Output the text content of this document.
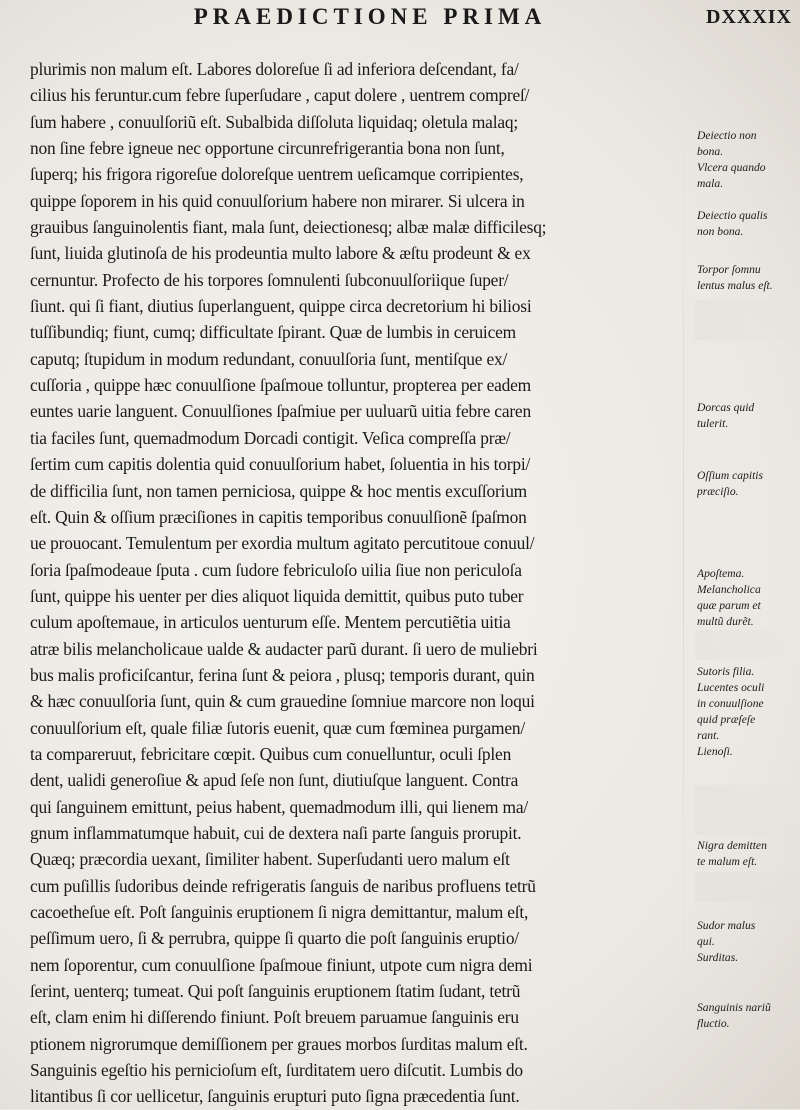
PRAEDICTIONE PRIMA	DXXXIX
plurimis non malum eſt. Labores doloreſue ſi ad inferiora deſcendant, fa/
cilius his feruntur.cum febre ſuperſudare , caput dolere , uentrem compreſ/
ſum habere , conuulſoriũ eſt. Subalbida diſſoluta liquidaq; oletula malaq;
non ſine febre igneue nec opportune circunrefrigerantia bona non ſunt,
ſuperq; his frigora rigoreſue doloreſque uentrem ueſicamque corripientes,
quippe ſoporem in his quid conuulſorium habere non mirarer. Si ulcera in
grauibus ſanguinolentis fiant, mala ſunt, deiectionesq; albæ malæ difficilesq;
ſunt, liuida glutinoſa de his prodeuntia multo labore & æſtu prodeunt & ex
cernuntur. Profecto de his torpores ſomnulenti ſubconuulſoriique ſuper/
ſiunt. qui ſi fiant, diutius ſuperlanguent, quippe circa decretorium hi biliosi
tuſſibundiq; fiunt, cumq; difficultate ſpirant. Quæ de lumbis in ceruicem
caputq; ſtupidum in modum redundant, conuulſoria ſunt, mentiſque ex/
cuſſoria , quippe hæc conuulſione ſpaſmoue tolluntur, propterea per eadem
euntes uarie languent. Conuulſiones ſpaſmiue per uuluarũ uitia febre caren
tia faciles ſunt, quemadmodum Dorcadi contigit. Veſica compreſſa præ/
ſertim cum capitis dolentia quid conuulſorium habet, ſoluentia in his torpi/
de difficilia ſunt, non tamen perniciosa, quippe & hoc mentis excuſſorium
eſt. Quin & oſſium præciſiones in capitis temporibus conuulſionẽ ſpaſmon
ue prouocant. Temulentum per exordia multum agitato percutitoue conuul/
ſoria ſpaſmodeaue ſputa . cum ſudore febriculoſo uilia ſiue non periculoſa
ſunt, quippe his uenter per dies aliquot liquida demittit, quibus puto tuber
culum apoſtemaue, in articulos uenturum eſſe. Mentem percutiẽtia uitia
atræ bilis melancholicaue ualde & audacter parũ durant. ſi uero de muliebri
bus malis proficiſcantur, ferina ſunt & peiora , plusq; temporis durant, quin
& hæc conuulſoria ſunt, quin & cum grauedine ſomniue marcore non loqui
conuulſorium eſt, quale filiæ ſutoris euenit, quæ cum fœminea purgamen/
ta compareruut, febricitare cœpit. Quibus cum conuelluntur, oculi ſplen
dent, ualidi generoſiue & apud ſeſe non ſunt, diutiuſque languent. Contra
qui ſanguinem emittunt, peius habent, quemadmodum illi, qui lienem ma/
gnum inflammatumque habuit, cui de dextera naſi parte ſanguis prorupit.
Quæq; præcordia uexant, ſimiliter habent. Superſudanti uero malum eſt
cum puſillis ſudoribus deinde refrigeratis ſanguis de naribus profluens tetrũ
cacoetheſue eſt. Poſt ſanguinis eruptionem ſi nigra demittantur, malum eſt,
peſſimum uero, ſi & perrubra, quippe ſi quarto die poſt ſanguinis eruptio/
nem ſoporentur, cum conuulſione ſpaſmoue finiunt, utpote cum nigra demi
ſerint, uenterq; tumeat. Qui poſt ſanguinis eruptionem ſtatim ſudant, tetrũ
eſt, clam enim hi diſſerendo finiunt. Poſt breuem paruamue ſanguinis eru
ptionem nigrorumque demiſſionem per graues morbos ſurditas malum eſt.
Sanguinis egeſtio his pernicioſum eſt, ſurditatem uero diſcutit. Lumbis do
litantibus ſi cor uellicetur, ſanguinis erupturi puto ſigna præcedentia ſunt.
Deiectio non
bona.
Vlcera quando
mala.
Deiectio qualis
non bona.
Torpor ſomnu
lentus malus eſt.
Dorcas quid
tulerit.
Oſſium capitis
præciſio.
Apoſtema.
Melancholica
quæ parum et
multũ durẽt.
Sutoris filia.
Lucentes oculi
in conuulſione
quid præſeſe
rant.
Lienoſi.
Nigra demitten
te malum eſt.
Sudor malus
qui.
Surditas.
Sanguinis nariũ
fluctio.
